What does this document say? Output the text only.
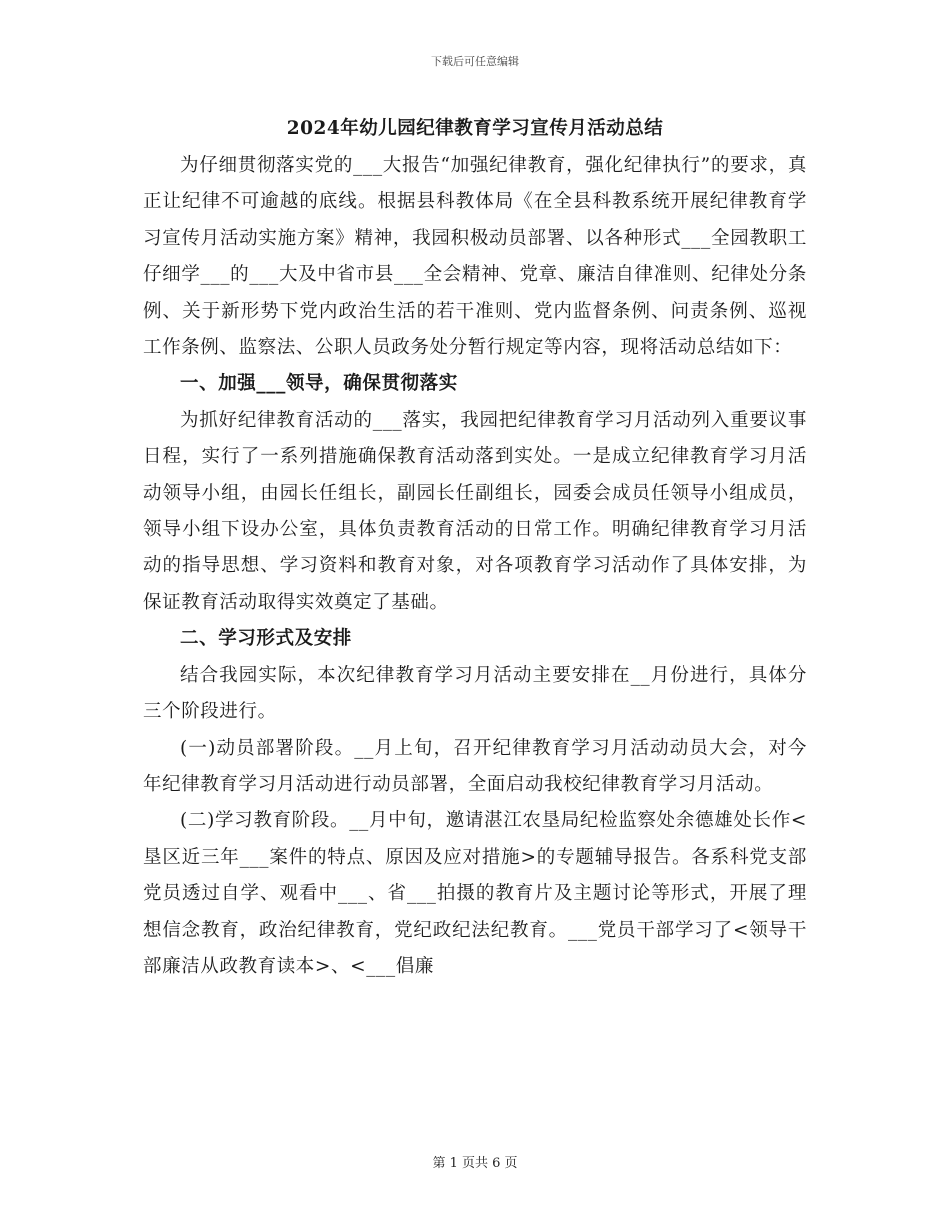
下载后可任意编辑
2024年幼儿园纪律教育学习宣传月活动总结

为仔细贯彻落实党的___大报告“加强纪律教育，强化纪律执行”的要求，真正让纪律不可逾越的底线。根据县科教体局《在全县科教系统开展纪律教育学习宣传月活动实施方案》精神，我园积极动员部署、以各种形式___全园教职工仔细学___的___大及中省市县___全会精神、党章、廉洁自律准则、纪律处分条例、关于新形势下党内政治生活的若干准则、党内监督条例、问责条例、巡视工作条例、监察法、公职人员政务处分暂行规定等内容，现将活动总结如下：

一、加强___领导，确保贯彻落实

为抓好纪律教育活动的___落实，我园把纪律教育学习月活动列入重要议事日程，实行了一系列措施确保教育活动落到实处。一是成立纪律教育学习月活动领导小组，由园长任组长，副园长任副组长，园委会成员任领导小组成员，领导小组下设办公室，具体负责教育活动的日常工作。明确纪律教育学习月活动的指导思想、学习资料和教育对象，对各项教育学习活动作了具体安排，为保证教育活动取得实效奠定了基础。

二、学习形式及安排

结合我园实际，本次纪律教育学习月活动主要安排在__月份进行，具体分三个阶段进行。

(一)动员部署阶段。__月上旬，召开纪律教育学习月活动动员大会，对今年纪律教育学习月活动进行动员部署，全面启动我校纪律教育学习月活动。

(二)学习教育阶段。__月中旬，邀请湛江农垦局纪检监察处余德雄处长作<垦区近三年___案件的特点、原因及应对措施>的专题辅导报告。各系科党支部党员透过自学、观看中___、省___拍摄的教育片及主题讨论等形式，开展了理想信念教育，政治纪律教育，党纪政纪法纪教育。___党员干部学习了<领导干部廉洁从政教育读本>、<___倡廉

第 1 页共 6 页
